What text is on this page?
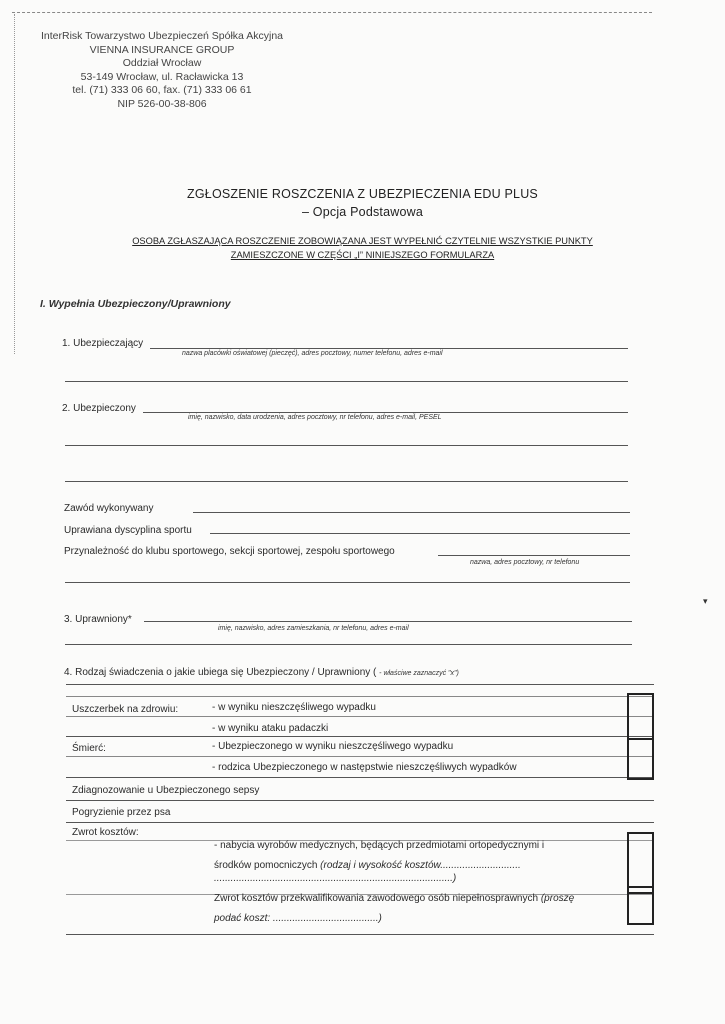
InterRisk Towarzystwo Ubezpieczeń Spółka Akcyjna
VIENNA INSURANCE GROUP
Oddział Wrocław
53-149 Wrocław, ul. Racławicka 13
tel. (71) 333 06 60, fax. (71) 333 06 61
NIP 526-00-38-806
ZGŁOSZENIE ROSZCZENIA Z UBEZPIECZENIA EDU PLUS
– Opcja Podstawowa
OSOBA ZGŁASZAJĄCA ROSZCZENIE ZOBOWIĄZANA JEST WYPEŁNIĆ CZYTELNIE WSZYSTKIE PUNKTY
ZAMIESZCZONE W CZĘŚCI „I” NINIEJSZEGO FORMULARZA
I. Wypełnia Ubezpieczony/Uprawniony
1. Ubezpieczający
nazwa placówki oświatowej (pieczęć), adres pocztowy, numer telefonu, adres e-mail
2. Ubezpieczony
imię, nazwisko, data urodzenia, adres pocztowy, nr telefonu, adres e-mail, PESEL
Zawód wykonywany
Uprawiana dyscyplina sportu
Przynależność do klubu sportowego, sekcji sportowej, zespołu sportowego
nazwa, adres pocztowy, nr telefonu
3. Uprawniony*
imię, nazwisko, adres zamieszkania, nr telefonu, adres e-mail
4. Rodzaj świadczenia o jakie ubiega się Ubezpieczony / Uprawniony ( - właściwe zaznaczyć "x")
Uszczerbek na zdrowiu:	- w wyniku nieszczęśliwego wypadku
- w wyniku ataku padaczki
Śmierć:	- Ubezpieczonego w wyniku nieszczęśliwego wypadku
- rodzica Ubezpieczonego w następstwie nieszczęśliwych wypadków
Zdiagnozowanie u Ubezpieczonego sepsy
Pogryzienie przez psa
Zwrot kosztów:
- nabycia wyrobów medycznych, będących przedmiotami ortopedycznymi i
środków pomocniczych (rodzaj i wysokość kosztów.............................
......................................................................................)
Zwrot kosztów przekwalifikowania zawodowego osób niepełnosprawnych (proszę
podać koszt: ......................................)
▾
